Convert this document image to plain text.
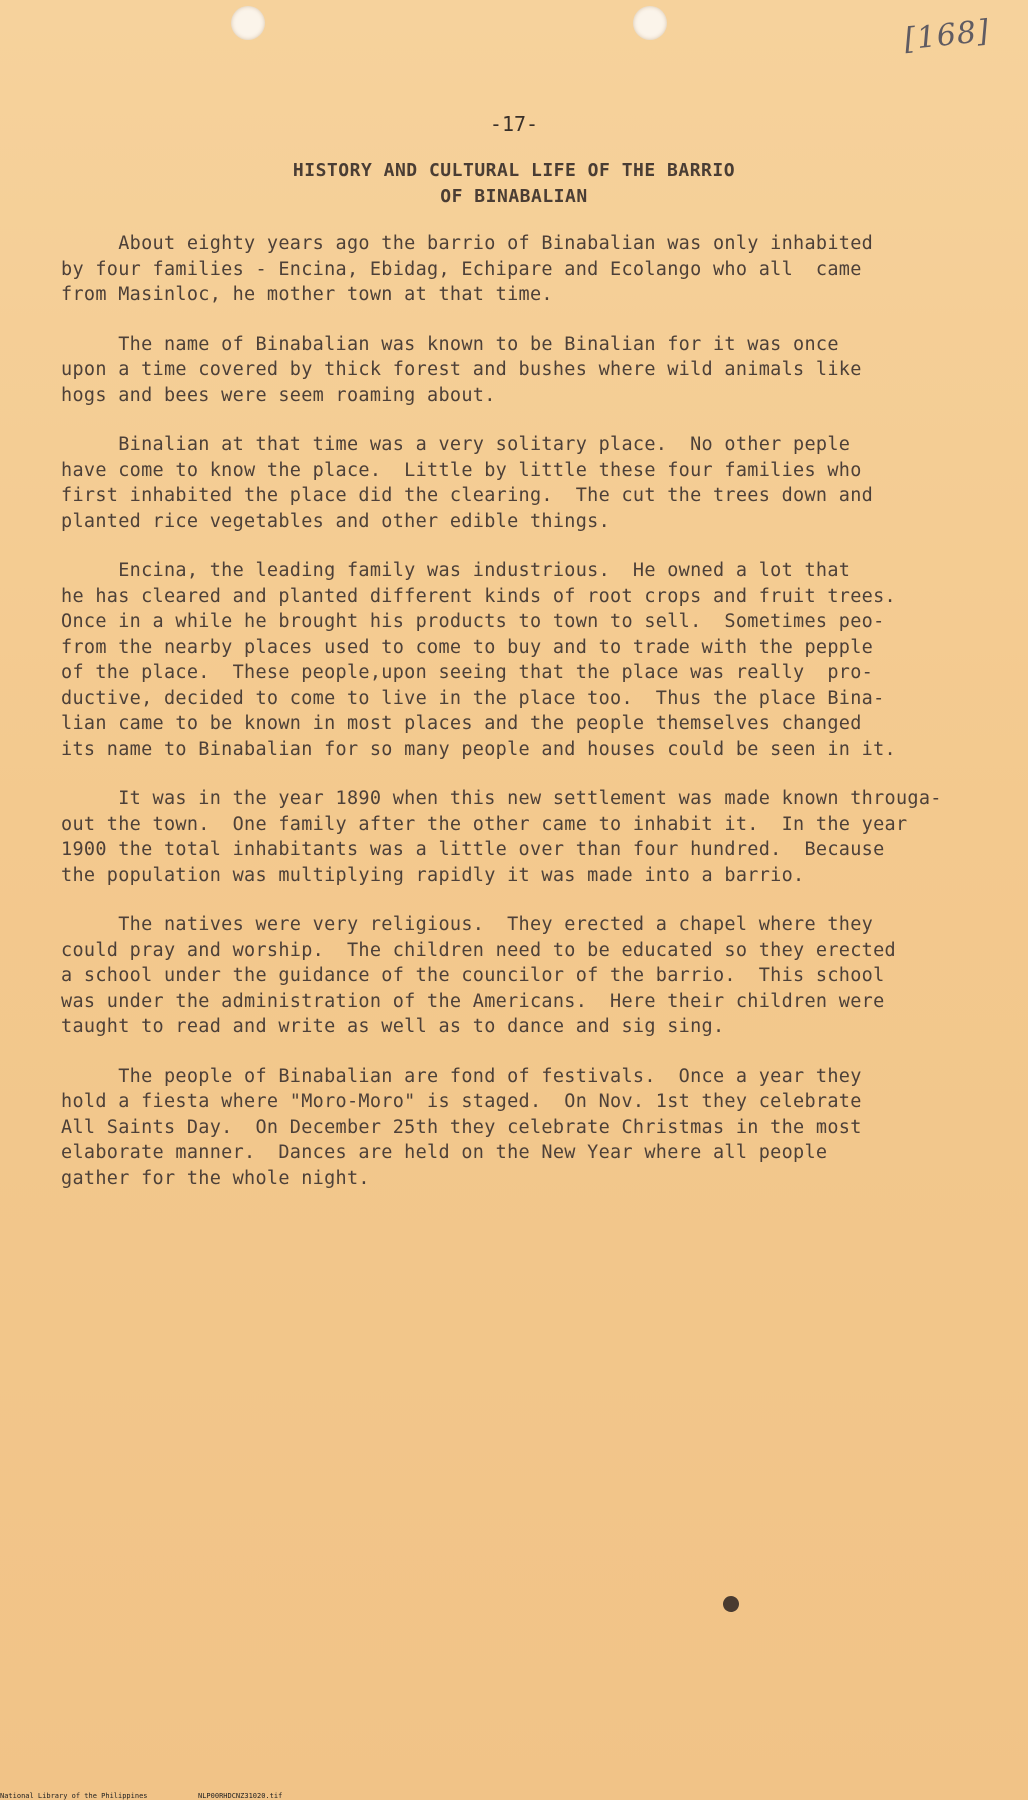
[168]
-17-
HISTORY AND CULTURAL LIFE OF THE BARRIO
OF BINABALIAN

About eighty years ago the barrio of Binabalian was only inhabited
by four families - Encina, Ebidag, Echipare and Ecolango who all  came
from Masinloc, he mother town at that time.

The name of Binabalian was known to be Binalian for it was once
upon a time covered by thick forest and bushes where wild animals like
hogs and bees were seem roaming about.

Binalian at that time was a very solitary place.  No other peple
have come to know the place.  Little by little these four families who
first inhabited the place did the clearing.  The cut the trees down and
planted rice vegetables and other edible things.

Encina, the leading family was industrious.  He owned a lot that
he has cleared and planted different kinds of root crops and fruit trees.
Once in a while he brought his products to town to sell.  Sometimes peo-
from the nearby places used to come to buy and to trade with the pepple
of the place.  These people,upon seeing that the place was really  pro-
ductive, decided to come to live in the place too.  Thus the place Bina-
lian came to be known in most places and the people themselves changed
its name to Binabalian for so many people and houses could be seen in it.

It was in the year 1890 when this new settlement was made known througa-
out the town.  One family after the other came to inhabit it.  In the year
1900 the total inhabitants was a little over than four hundred.  Because
the population was multiplying rapidly it was made into a barrio.

The natives were very religious.  They erected a chapel where they
could pray and worship.  The children need to be educated so they erected
a school under the guidance of the councilor of the barrio.  This school
was under the administration of the Americans.  Here their children were
taught to read and write as well as to dance and sig sing.

The people of Binabalian are fond of festivals.  Once a year they
hold a fiesta where "Moro-Moro" is staged.  On Nov. 1st they celebrate
All Saints Day.  On December 25th they celebrate Christmas in the most
elaborate manner.  Dances are held on the New Year where all people
gather for the whole night.

National Library of the Philippines	NLP00RHDCNZ31020.tif
